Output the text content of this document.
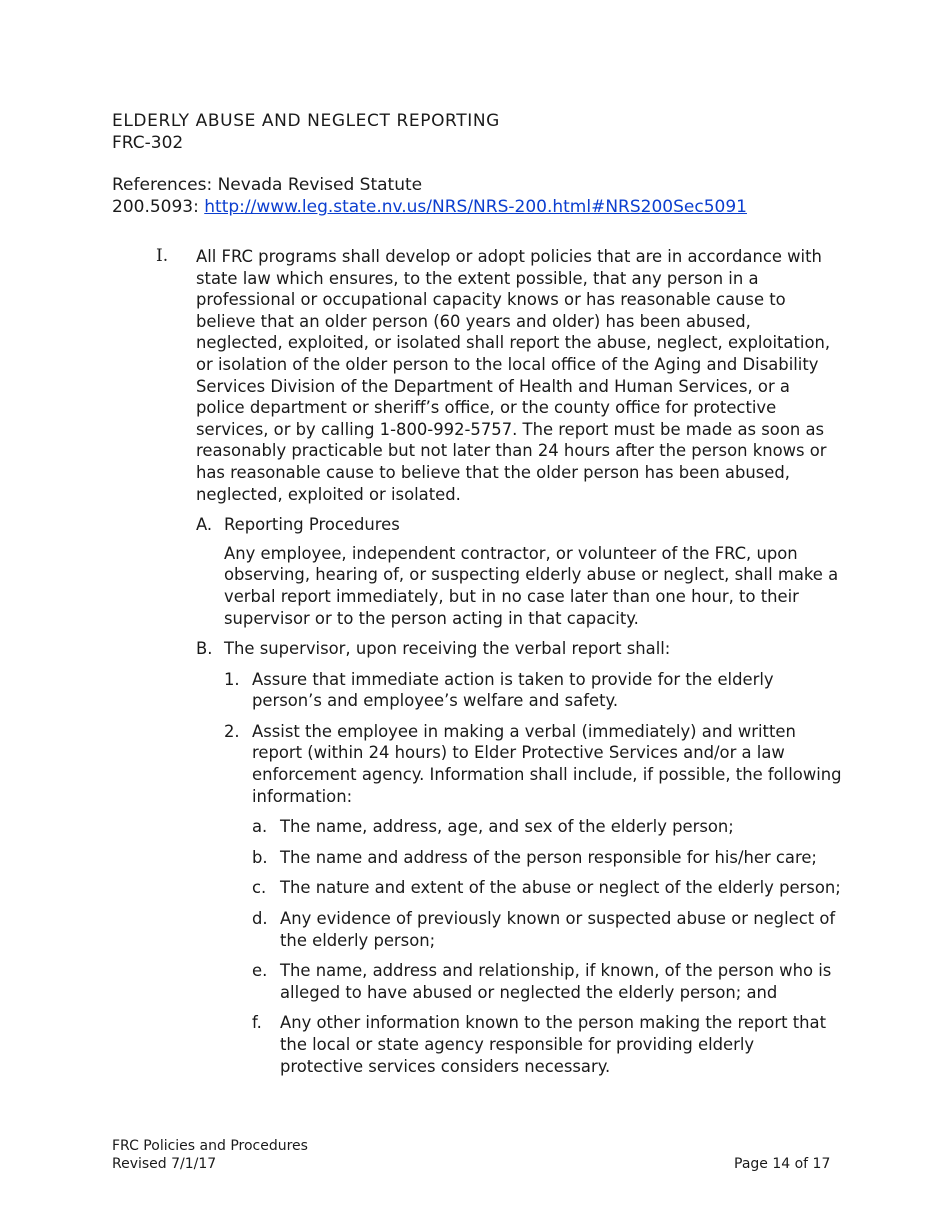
ELDERLY ABUSE AND NEGLECT REPORTING
FRC-302
References: Nevada Revised Statute
200.5093: http://www.leg.state.nv.us/NRS/NRS-200.html#NRS200Sec5091
I. All FRC programs shall develop or adopt policies that are in accordance with state law which ensures, to the extent possible, that any person in a professional or occupational capacity knows or has reasonable cause to believe that an older person (60 years and older) has been abused, neglected, exploited, or isolated shall report the abuse, neglect, exploitation, or isolation of the older person to the local office of the Aging and Disability Services Division of the Department of Health and Human Services, or a police department or sheriff’s office, or the county office for protective services, or by calling 1-800-992-5757. The report must be made as soon as reasonably practicable but not later than 24 hours after the person knows or has reasonable cause to believe that the older person has been abused, neglected, exploited or isolated.

A. Reporting Procedures

Any employee, independent contractor, or volunteer of the FRC, upon observing, hearing of, or suspecting elderly abuse or neglect, shall make a verbal report immediately, but in no case later than one hour, to their supervisor or to the person acting in that capacity.

B. The supervisor, upon receiving the verbal report shall:

1. Assure that immediate action is taken to provide for the elderly person’s and employee’s welfare and safety.

2. Assist the employee in making a verbal (immediately) and written report (within 24 hours) to Elder Protective Services and/or a law enforcement agency. Information shall include, if possible, the following information:

a. The name, address, age, and sex of the elderly person;

b. The name and address of the person responsible for his/her care;

c. The nature and extent of the abuse or neglect of the elderly person;

d. Any evidence of previously known or suspected abuse or neglect of the elderly person;

e. The name, address and relationship, if known, of the person who is alleged to have abused or neglected the elderly person; and

f. Any other information known to the person making the report that the local or state agency responsible for providing elderly protective services considers necessary.

FRC Policies and Procedures
Revised 7/1/17	Page 14 of 17
